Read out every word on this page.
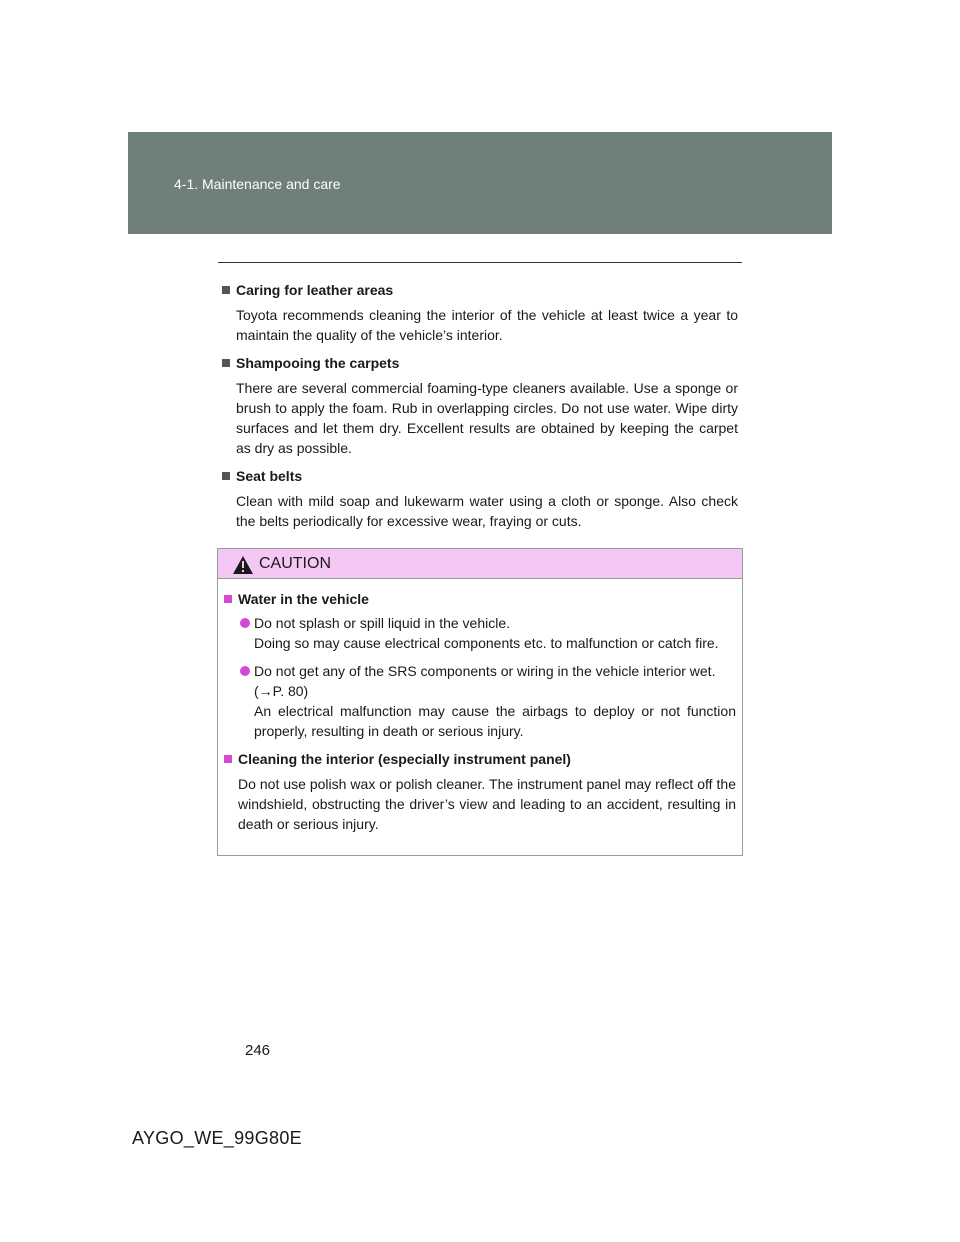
4-1. Maintenance and care

Caring for leather areas

Toyota recommends cleaning the interior of the vehicle at least twice a year to maintain the quality of the vehicle’s interior.

Shampooing the carpets

There are several commercial foaming-type cleaners available. Use a sponge or brush to apply the foam. Rub in overlapping circles. Do not use water. Wipe dirty surfaces and let them dry. Excellent results are obtained by keeping the carpet as dry as possible.

Seat belts

Clean with mild soap and lukewarm water using a cloth or sponge. Also check the belts periodically for excessive wear, fraying or cuts.

CAUTION

Water in the vehicle

Do not splash or spill liquid in the vehicle.
Doing so may cause electrical components etc. to malfunction or catch fire.
Do not get any of the SRS components or wiring in the vehicle interior wet.
(→P. 80)
An electrical malfunction may cause the airbags to deploy or not function properly, resulting in death or serious injury.

Cleaning the interior (especially instrument panel)

Do not use polish wax or polish cleaner. The instrument panel may reflect off the windshield, obstructing the driver’s view and leading to an accident, resulting in death or serious injury.

246
AYGO_WE_99G80E
